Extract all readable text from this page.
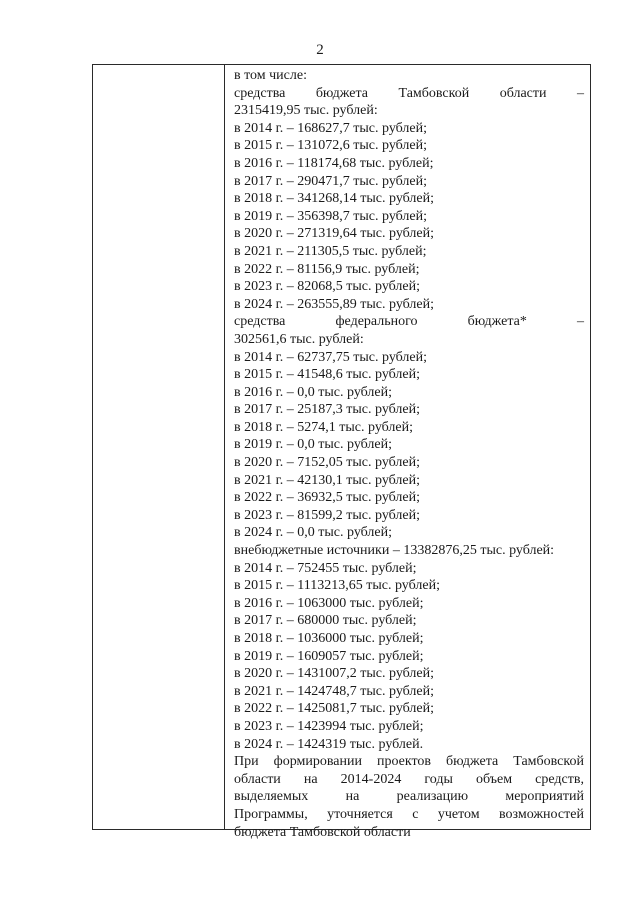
2
в том числе:
средства бюджета Тамбовской области –
2315419,95 тыс. рублей:
в 2014 г. – 168627,7 тыс. рублей;
в 2015 г. – 131072,6 тыс. рублей;
в 2016 г. – 118174,68 тыс. рублей;
в 2017 г. – 290471,7 тыс. рублей;
в 2018 г. – 341268,14 тыс. рублей;
в 2019 г. – 356398,7 тыс. рублей;
в 2020 г. – 271319,64 тыс. рублей;
в 2021 г. – 211305,5 тыс. рублей;
в 2022 г. – 81156,9 тыс. рублей;
в 2023 г. – 82068,5 тыс. рублей;
в 2024 г. – 263555,89 тыс. рублей;
средства	федерального	бюджета*	–
302561,6 тыс. рублей:
в 2014 г. – 62737,75 тыс. рублей;
в 2015 г. – 41548,6 тыс. рублей;
в 2016 г. – 0,0 тыс. рублей;
в 2017 г. – 25187,3 тыс. рублей;
в 2018 г. – 5274,1 тыс. рублей;
в 2019 г. – 0,0 тыс. рублей;
в 2020 г. – 7152,05 тыс. рублей;
в 2021 г. – 42130,1 тыс. рублей;
в 2022 г. – 36932,5 тыс. рублей;
в 2023 г. – 81599,2 тыс. рублей;
в 2024 г. – 0,0 тыс. рублей;
внебюджетные источники – 13382876,25 тыс. рублей:
в 2014 г. – 752455 тыс. рублей;
в 2015 г. – 1113213,65 тыс. рублей;
в 2016 г. – 1063000 тыс. рублей;
в 2017 г. – 680000 тыс. рублей;
в 2018 г. – 1036000 тыс. рублей;
в 2019 г. – 1609057 тыс. рублей;
в 2020 г. – 1431007,2 тыс. рублей;
в 2021 г. – 1424748,7 тыс. рублей;
в 2022 г. – 1425081,7 тыс. рублей;
в 2023 г. – 1423994 тыс. рублей;
в 2024 г. – 1424319 тыс. рублей.
При формировании проектов бюджета Тамбовской
области на 2014-2024 годы объем средств,
выделяемых	на	реализацию	мероприятий
Программы, уточняется с учетом возможностей
бюджета Тамбовской области
